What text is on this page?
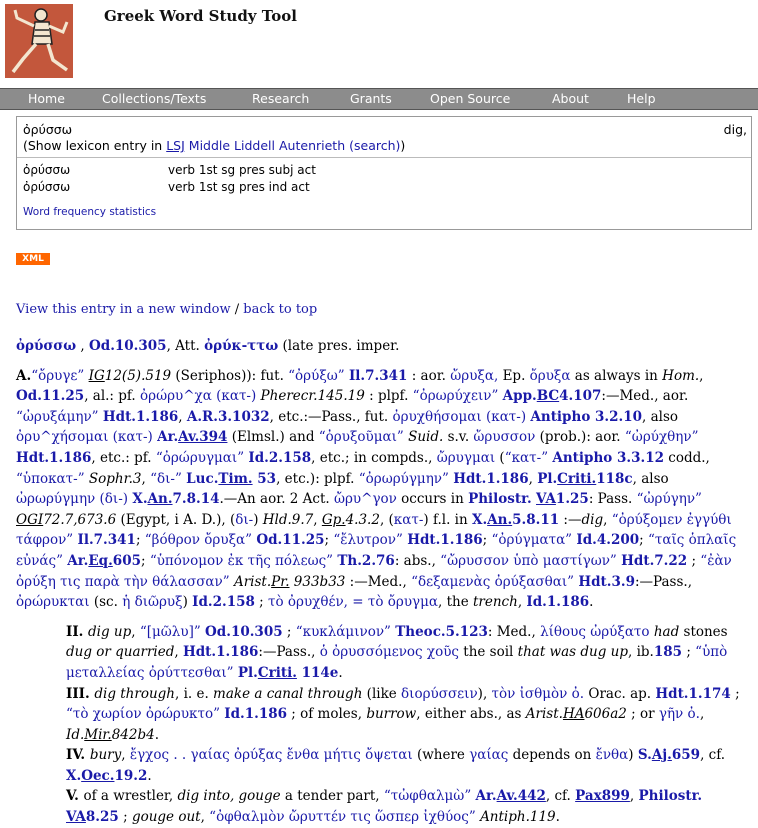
Greek Word Study Tool
Home	Collections/Texts	Research	Grants	Open Source	About	Help
ὀρύσσω	dig,
(Show lexicon entry in LSJ Middle Liddell Autenrieth (search))
ὀρύσσω	verb 1st sg pres subj act
ὀρύσσω	verb 1st sg pres ind act
Word frequency statistics
XML
View this entry in a new window / back to top

ὀρύσσω , Od.10.305, Att. ὀρύκ-ττω (late pres. imper.

A.“ὄρυγε” IG12(5).519 (Seriphos)): fut. “ὀρύξω” Il.7.341 : aor. ὤρυξα, Ep. ὄρυξα as always in Hom., Od.11.25, al.: pf. ὀρώρυ^χα (κατ-) Pherecr.145.19 : plpf. “ὀρωρύχειν” App.BC4.107:—Med., aor. “ὠρυξάμην” Hdt.1.186, A.R.3.1032, etc.:—Pass., fut. ὀρυχθήσομαι (κατ-) Antipho 3.2.10, also ὀρυ^χήσομαι (κατ-) Ar.Av.394 (Elmsl.) and “ὀρυξοῦμαι” Suid. s.v. ὤρυσσον (prob.): aor. “ὠρύχθην” Hdt.1.186, etc.: pf. “ὀρώρυγμαι” Id.2.158, etc.; in compds., ὤρυγμαι (“κατ-” Antipho 3.3.12 codd., “ὑποκατ-” Sophr.3, “δι-” Luc.Tim. 53, etc.): plpf. “ὀρωρύγμην” Hdt.1.186, Pl.Criti.118c, also ὠρωρύγμην (δι-) X.An.7.8.14.—An aor. 2 Act. ὤρυ^γον occurs in Philostr. VA1.25: Pass. “ὠρύγην” OGI72.7,673.6 (Egypt, i A. D.), (δι-) Hld.9.7, Gp.4.3.2, (κατ-) f.l. in X.An.5.8.11 :—dig, “ὀρύξομεν ἐγγύθι τάφρον” Il.7.341; “βόθρον ὄρυξα” Od.11.25; “ἔλυτρον” Hdt.1.186; “ὀρύγματα” Id.4.200; “ταῖς ὁπλαῖς εὐνάς” Ar.Eq.605; “ὑπόνομον ἐκ τῆς πόλεως” Th.2.76: abs., “ὤρυσσον ὑπὸ μαστίγων” Hdt.7.22 ; “ἐὰν ὀρύξη τις παρὰ τὴν θάλασσαν” Arist.Pr. 933b33 :—Med., “δεξαμενὰς ὀρύξασθαι” Hdt.3.9:—Pass., ὀρώρυκται (sc. ἡ διῶρυξ) Id.2.158 ; τὸ ὀρυχθέν, = τὸ ὄρυγμα, the trench, Id.1.186.

II. dig up, “[μῶλυ]” Od.10.305 ; “κυκλάμινον” Theoc.5.123: Med., λίθους ὠρύξατο had stones dug or quarried, Hdt.1.186:—Pass., ὁ ὀρυσσόμενος χοῦς the soil that was dug up, ib.185 ; “ὑπὸ μεταλλείας ὀρύττεσθαι” Pl.Criti. 114e.

III. dig through, i. e. make a canal through (like διορύσσειν), τὸν ἰσθμὸν ὀ. Orac. ap. Hdt.1.174 ; “τὸ χωρίον ὀρώρυκτο” Id.1.186 ; of moles, burrow, either abs., as Arist.HA606a2 ; or γῆν ὀ., Id.Mir.842b4.

IV. bury, ἔγχος . . γαίας ὀρύξας ἔνθα μήτις ὄψεται (where γαίας depends on ἔνθα) S.Aj.659, cf. X.Oec.19.2.

V. of a wrestler, dig into, gouge a tender part, “τὠφθαλμὼ” Ar.Av.442, cf. Pax899, Philostr. VA8.25 ; gouge out, “ὀφθαλμὸν ὤρυττέν τις ὥσπερ ἰχθύος” Antiph.119.
